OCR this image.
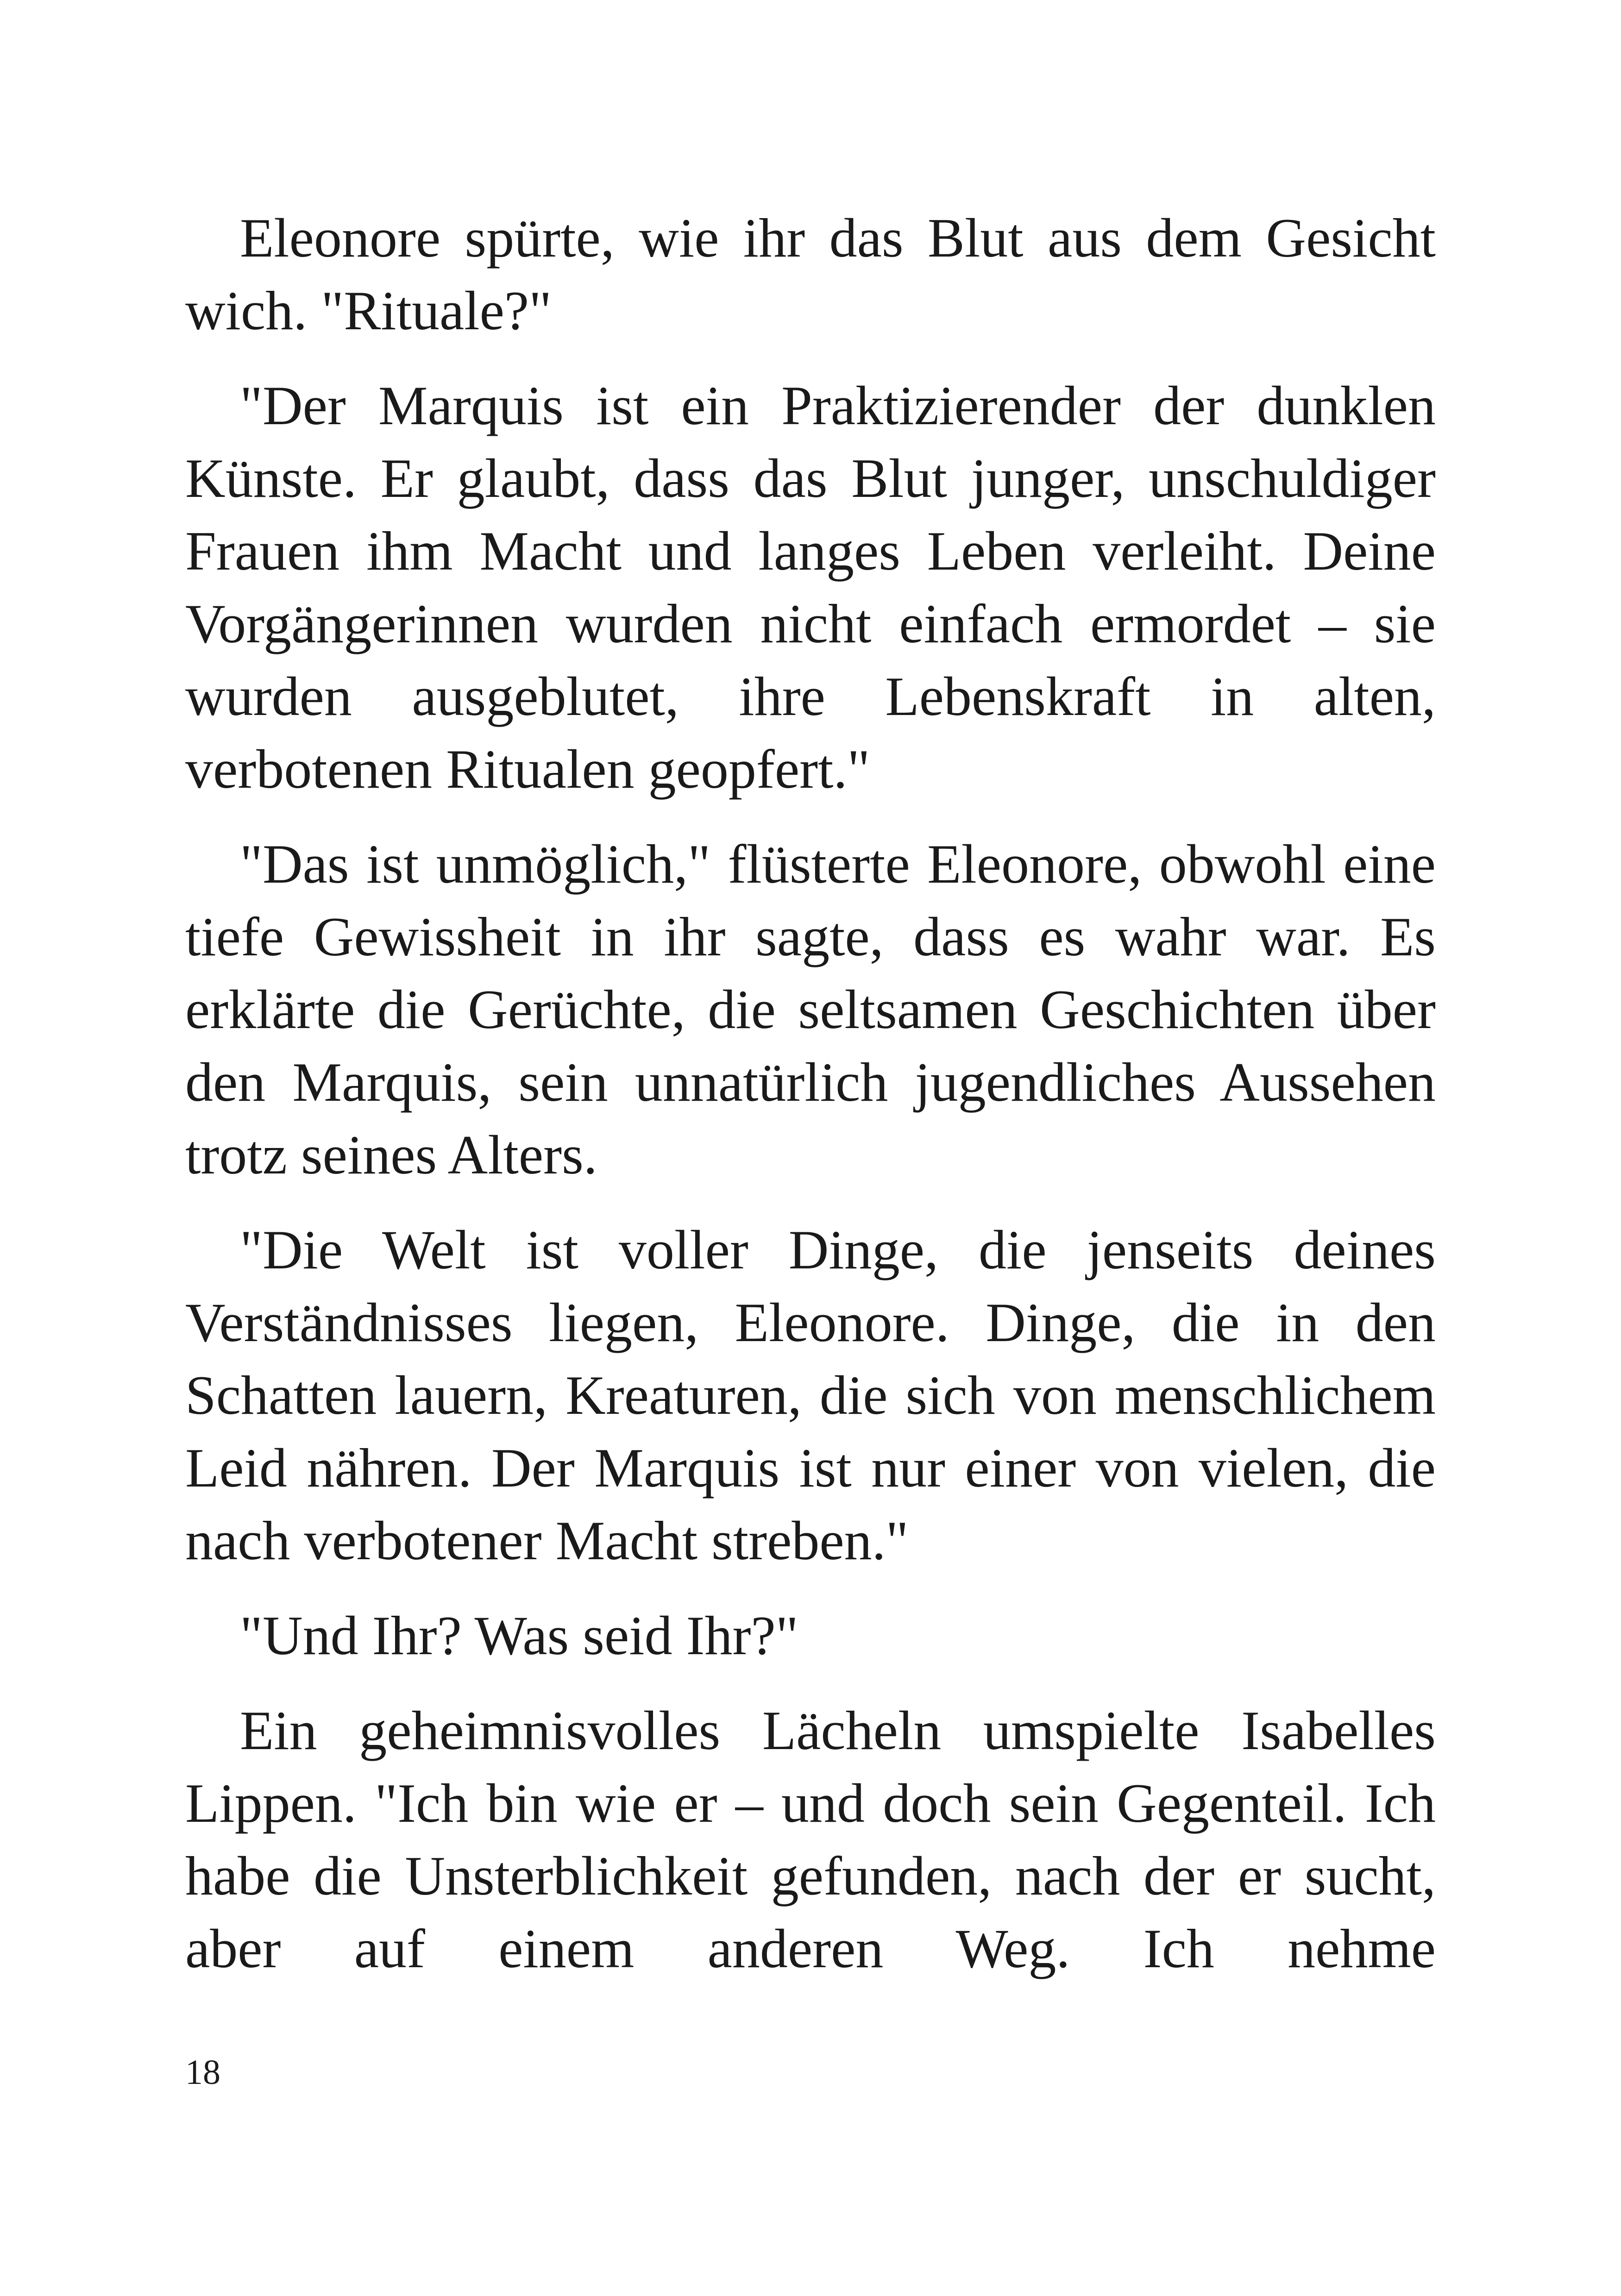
Eleonore spürte, wie ihr das Blut aus dem Gesicht wich. "Rituale?"

"Der Marquis ist ein Praktizierender der dunklen Künste. Er glaubt, dass das Blut junger, unschuldiger Frauen ihm Macht und langes Leben verleiht. Deine Vorgängerinnen wurden nicht einfach ermordet – sie wurden ausgeblutet, ihre Lebenskraft in alten, verbotenen Ritualen geopfert."

"Das ist unmöglich," flüsterte Eleonore, obwohl eine tiefe Gewissheit in ihr sagte, dass es wahr war. Es erklärte die Gerüchte, die seltsamen Geschichten über den Marquis, sein unnatürlich jugendliches Aussehen trotz seines Alters.

"Die Welt ist voller Dinge, die jenseits deines Verständnisses liegen, Eleonore. Dinge, die in den Schatten lauern, Kreaturen, die sich von menschlichem Leid nähren. Der Marquis ist nur einer von vielen, die nach verbotener Macht streben."

"Und Ihr? Was seid Ihr?"

Ein geheimnisvolles Lächeln umspielte Isabelles Lippen. "Ich bin wie er – und doch sein Gegenteil. Ich habe die Unsterblichkeit gefunden, nach der er sucht, aber auf einem anderen Weg. Ich nehme

18
